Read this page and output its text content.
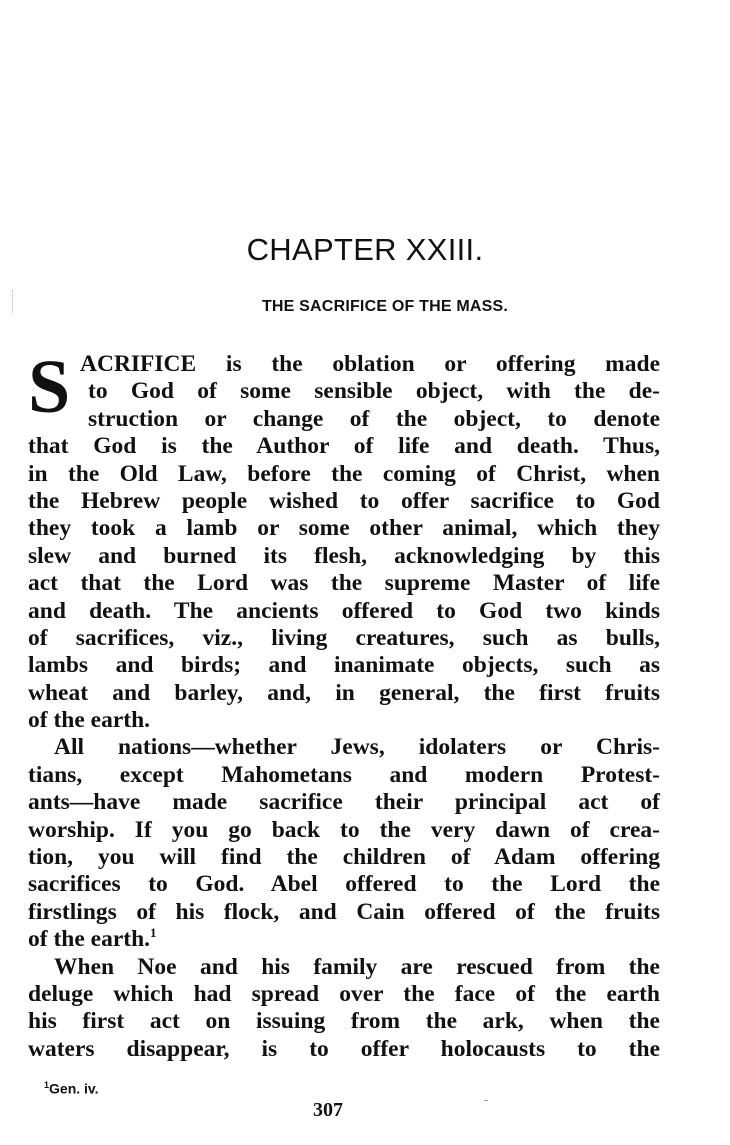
CHAPTER XXIII.
THE SACRIFICE OF THE MASS.
S ACRIFICE is the oblation or offering made
to God of some sensible object, with the de-
struction or change of the object, to denote
that God is the Author of life and death. Thus,
in the Old Law, before the coming of Christ, when
the Hebrew people wished to offer sacrifice to God
they took a lamb or some other animal, which they
slew and burned its flesh, acknowledging by this
act that the Lord was the supreme Master of life
and death. The ancients offered to God two kinds
of sacrifices, viz., living creatures, such as bulls,
lambs and birds; and inanimate objects, such as
wheat and barley, and, in general, the first fruits
of the earth.
All nations—whether Jews, idolaters or Chris-
tians, except Mahometans and modern Protest-
ants—have made sacrifice their principal act of
worship. If you go back to the very dawn of crea-
tion, you will find the children of Adam offering
sacrifices to God. Abel offered to the Lord the
firstlings of his flock, and Cain offered of the fruits
of the earth.$^1$
When Noe and his family are rescued from the
deluge which had spread over the face of the earth
his first act on issuing from the ark, when the
waters disappear, is to offer holocausts to the
$^1$Gen. iv.
307
